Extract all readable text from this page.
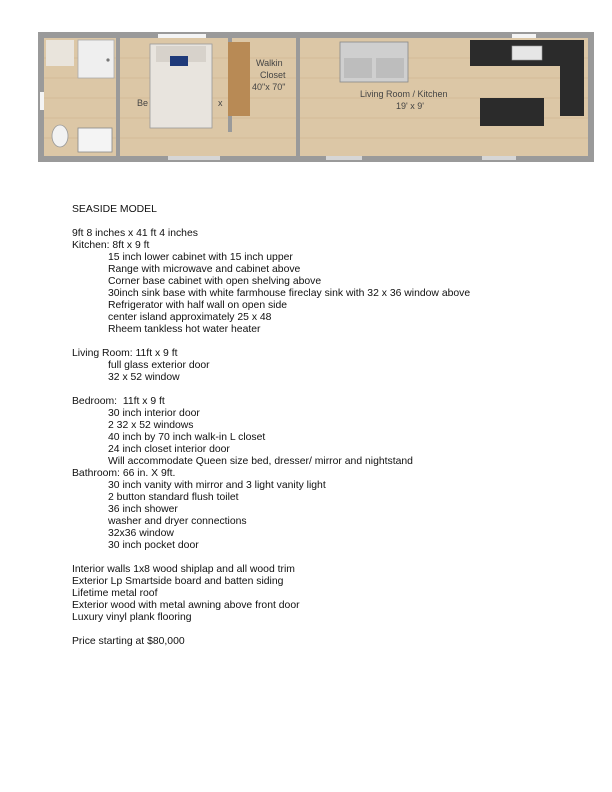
Be	x
Walkin
Closet
40"x 70"
Living Room / Kitchen
19' x 9'
SEASIDE MODEL
9ft 8 inches x 41 ft 4 inches
Kitchen: 8ft x 9 ft
15 inch lower cabinet with 15 inch upper
Range with microwave and cabinet above
Corner base cabinet with open shelving above
30inch sink base with white farmhouse fireclay sink with 32 x 36 window above
Refrigerator with half wall on open side
center island approximately 25 x 48
Rheem tankless hot water heater
Living Room: 11ft x 9 ft
full glass exterior door
32 x 52 window
Bedroom:  11ft x 9 ft
30 inch interior door
2 32 x 52 windows
40 inch by 70 inch walk-in L closet
24 inch closet interior door
Will accommodate Queen size bed, dresser/ mirror and nightstand
Bathroom: 66 in. X 9ft.
30 inch vanity with mirror and 3 light vanity light
2 button standard flush toilet
36 inch shower
washer and dryer connections
32x36 window
30 inch pocket door
Interior walls 1x8 wood shiplap and all wood trim
Exterior Lp Smartside board and batten siding
Lifetime metal roof
Exterior wood with metal awning above front door
Luxury vinyl plank flooring
Price starting at $80,000
